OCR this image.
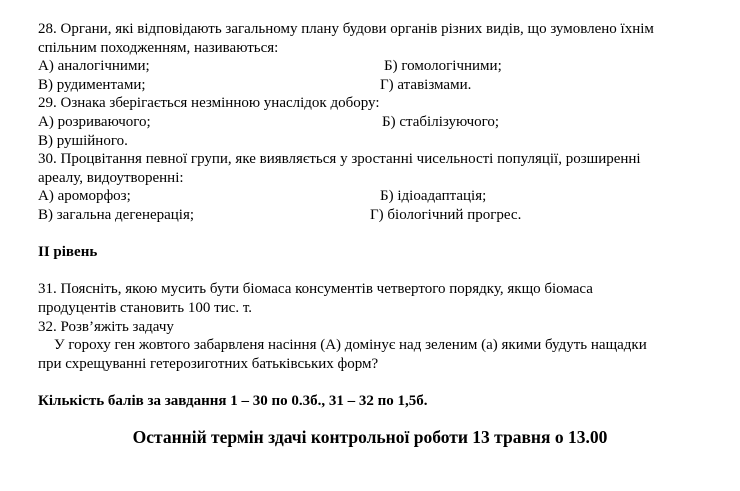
28. Органи, які відповідають загальному плану будови органів різних видів, що зумовлено їхнім
спільним походженням, називаються:
А) аналогічними;	Б) гомологічними;
В) рудиментами;	Г) атавізмами.
29. Ознака зберігається незмінною унаслідок добору:
А) розриваючого;	Б) стабілізуючого;
В) рушійного.
30. Процвітання певної групи, яке виявляється у зростанні чисельності популяції, розширенні
ареалу, видоутворенні:
А) ароморфоз;	Б) ідіоадаптація;
В) загальна дегенерація;	Г) біологічний прогрес.
ІІ рівень
31. Поясніть, якою мусить бути біомаса консументів четвертого порядку, якщо біомаса
продуцентів становить 100 тис. т.
32. Розв’яжіть задачу
У гороху ген жовтого забарвленя насіння (А) домінує над зеленим (а) якими будуть нащадки
при схрещуванні гетерозиготних батьківських форм?
Кількість балів за завдання 1 – 30 по 0.3б., 31 – 32 по 1,5б.
Останній термін здачі контрольної роботи 13 травня о 13.00
